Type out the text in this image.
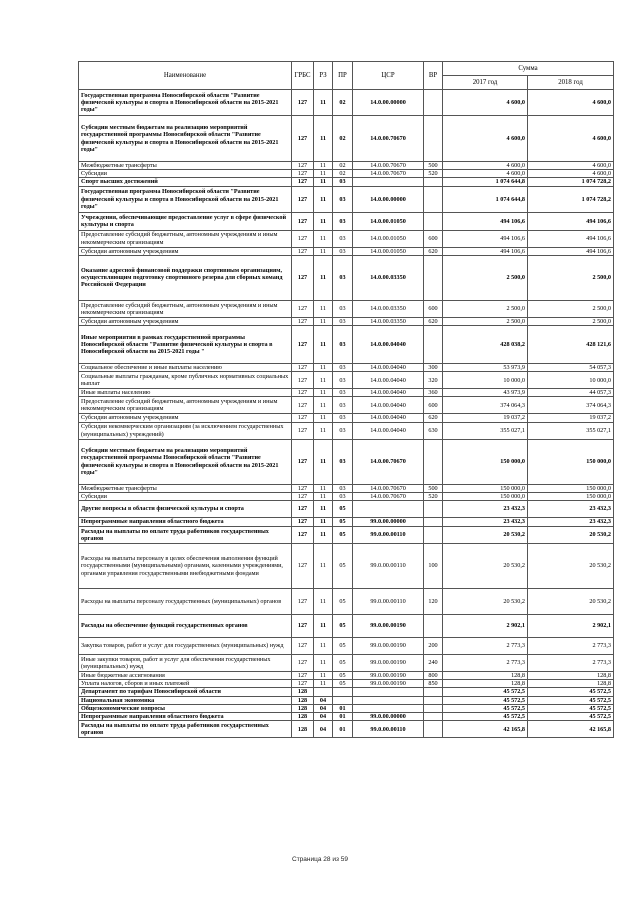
Наименование	ГРБС	РЗ	ПР	ЦСР	ВР	Сумма	
						2017 год	2018 год
Государственная программа Новосибирской области "Развитие физической культуры и спорта в Новосибирской области на 2015-2021 годы"	127	11	02	14.0.00.00000		4 600,0	4 600,0
Субсидии местным бюджетам на реализацию мероприятий государственной программы Новосибирской области "Развитие физической культуры и спорта в Новосибирской области на 2015-2021 годы"	127	11	02	14.0.00.70670		4 600,0	4 600,0
Межбюджетные трансферты	127	11	02	14.0.00.70670	500	4 600,0	4 600,0
Субсидии	127	11	02	14.0.00.70670	520	4 600,0	4 600,0
Спорт высших достижений	127	11	03			1 074 644,8	1 074 728,2
Государственная программа Новосибирской области "Развитие физической культуры и спорта в Новосибирской области на 2015-2021 годы"	127	11	03	14.0.00.00000		1 074 644,8	1 074 728,2
Учреждения, обеспечивающие предоставление услуг в сфере физической культуры и спорта	127	11	03	14.0.00.01050		494 106,6	494 106,6
Предоставление субсидий бюджетным, автономным учреждениям и иным некоммерческим организациям	127	11	03	14.0.00.01050	600	494 106,6	494 106,6
Субсидии автономным учреждениям	127	11	03	14.0.00.01050	620	494 106,6	494 106,6
Оказание адресной финансовой поддержки спортивным организациям, осуществляющим подготовку спортивного резерва для сборных команд Российской Федерации	127	11	03	14.0.00.03350		2 500,0	2 500,0
Предоставление субсидий бюджетным, автономным учреждениям и иным некоммерческим организациям	127	11	03	14.0.00.03350	600	2 500,0	2 500,0
Субсидии автономным учреждениям	127	11	03	14.0.00.03350	620	2 500,0	2 500,0
Иные мероприятия в рамках государственной программы Новосибирской области "Развитие физической культуры и спорта в Новосибирской области на 2015-2021 годы "	127	11	03	14.0.00.04040		428 038,2	428 121,6
Социальное обеспечение и иные выплаты населению	127	11	03	14.0.00.04040	300	53 973,9	54 057,3
Социальные выплаты гражданам, кроме публичных нормативных социальных выплат	127	11	03	14.0.00.04040	320	10 000,0	10 000,0
Иные выплаты населению	127	11	03	14.0.00.04040	360	43 973,9	44 057,3
Предоставление субсидий бюджетным, автономным учреждениям и иным некоммерческим организациям	127	11	03	14.0.00.04040	600	374 064,3	374 064,3
Субсидии автономным учреждениям	127	11	03	14.0.00.04040	620	19 037,2	19 037,2
Субсидии некоммерческим организациям (за исключением государственных (муниципальных) учреждений)	127	11	03	14.0.00.04040	630	355 027,1	355 027,1
Субсидии местным бюджетам на реализацию мероприятий государственной программы Новосибирской области "Развитие физической культуры и спорта в Новосибирской области на 2015-2021 годы"	127	11	03	14.0.00.70670		150 000,0	150 000,0
Межбюджетные трансферты	127	11	03	14.0.00.70670	500	150 000,0	150 000,0
Субсидии	127	11	03	14.0.00.70670	520	150 000,0	150 000,0
Другие вопросы в области физической культуры и спорта	127	11	05			23 432,3	23 432,3
Непрограммные направления областного бюджета	127	11	05	99.0.00.00000		23 432,3	23 432,3
Расходы на выплаты по оплате труда работников государственных органов	127	11	05	99.0.00.00110		20 530,2	20 530,2
Расходы на выплаты персоналу в целях обеспечения выполнения функций государственными (муниципальными) органами, казенными учреждениями, органами управления государственными внебюджетными фондами	127	11	05	99.0.00.00110	100	20 530,2	20 530,2
Расходы на выплаты персоналу государственных (муниципальных) органов	127	11	05	99.0.00.00110	120	20 530,2	20 530,2
Расходы на обеспечение функций государственных органов	127	11	05	99.0.00.00190		2 902,1	2 902,1
Закупка товаров, работ и услуг для государственных (муниципальных) нужд	127	11	05	99.0.00.00190	200	2 773,3	2 773,3
Иные закупки товаров, работ и услуг для обеспечения государственных (муниципальных) нужд	127	11	05	99.0.00.00190	240	2 773,3	2 773,3
Иные бюджетные ассигнования	127	11	05	99.0.00.00190	800	128,8	128,8
Уплата налогов, сборов и иных платежей	127	11	05	99.0.00.00190	850	128,8	128,8
Департамент по тарифам Новосибирской области	128					45 572,5	45 572,5
Национальная экономика	128	04				45 572,5	45 572,5
Общеэкономические вопросы	128	04	01			45 572,5	45 572,5
Непрограммные направления областного бюджета	128	04	01	99.0.00.00000		45 572,5	45 572,5
Расходы на выплаты по оплате труда работников государственных органов	128	04	01	99.0.00.00110		42 165,8	42 165,8
Страница 28 из 59
